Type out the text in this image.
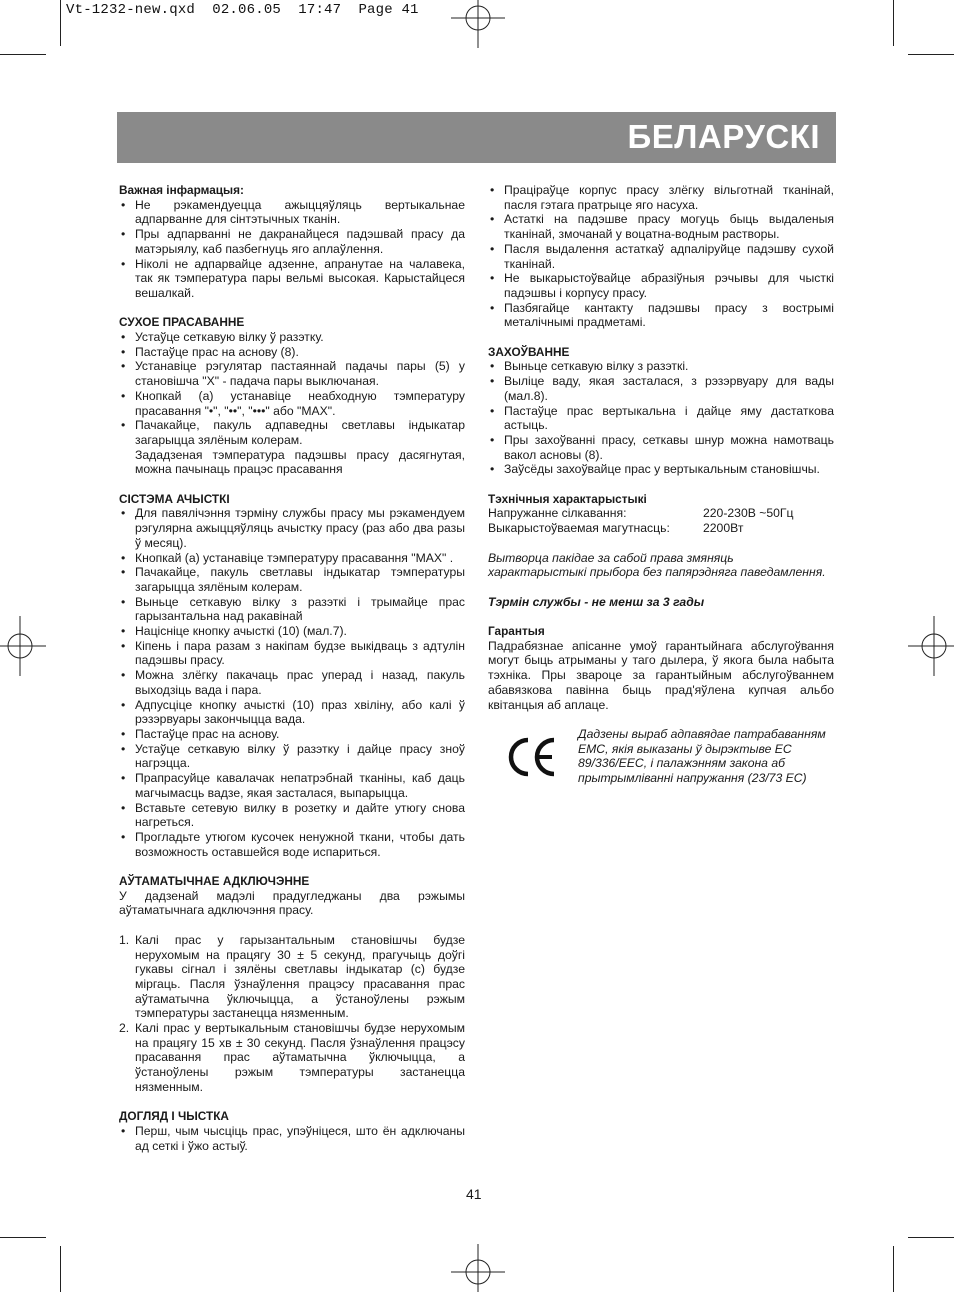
Vt-1232-new.qxd  02.06.05  17:47  Page 41
БЕЛАРУСКІ
Важная інфармацыя:
• Не рэкамендуецца ажыццяўляць вертыкальнае адпарванне для сінтэтычных тканін.
• Пры адпарванні не дакранайцеся падэшвай прасу да матэрыялу, каб пазбегнуць яго аплаўлення.
• Ніколі не адпарвайце адзенне, апранутае на чалавека, так як тэмпература пары вельмі высокая. Карыстайцеся вешалкай.
СУХОЕ ПРАСАВАННЕ
• Устаўце сеткавую вілку ў разэтку.
• Пастаўце прас на аснову (8).
• Устанавіце рэгулятар пастаяннай падачы пары (5) у становішча "X" - падача пары выключаная.
• Кнопкай (а) устанавіце неабходную тэмпературу прасавання "•", "••", "•••" або "MAX".
• Пачакайце, пакуль адпаведны светлавы індыкатар загарыцца зялёным колерам.
Зададзеная тэмпература падэшвы прасу дасягнутая, можна пачынаць працэс прасавання
СІСТЭМА АЧЫСТКІ
• Для павялічэння тэрміну службы прасу мы рэкамендуем рэгулярна ажыццяўляць ачыстку прасу (раз або два разы ў месяц).
• Кнопкай (а) устанавіце тэмпературу прасавання "MAX" .
• Пачакайце, пакуль светлавы індыкатар тэмпературы загарыцца зялёным колерам.
• Выньце сеткавую вілку з разэткі і трымайце прас гарызантальна над ракавінай
• Націсніце кнопку ачысткі (10) (мал.7).
• Кіпень і пара разам з накіпам будзе выкідваць з адтулін падэшвы прасу.
• Можна злёгку пакачаць прас уперад і назад, пакуль выходзіць вада і пара.
• Адпусціце кнопку ачысткі (10) праз хвіліну, або калі ў рэзэрвуары закончыцца вада.
• Пастаўце прас на аснову.
• Устаўце сеткавую вілку ў разэтку і дайце прасу зноў нагрэцца.
• Прапрасуйце кавалачак непатрэбнай тканіны, каб даць магчымасць вадзе, якая засталася, выпарыцца.
• Вставьте сетевую вилку в розетку и дайте утюгу снова нагреться.
• Прогладьте утюгом кусочек ненужной ткани, чтобы дать возможность оставшейся воде испариться.
АЎТАМАТЫЧНАЕ АДКЛЮЧЭННЕ
У дадзенай мадэлі прадугледжаны два рэжымы аўтаматычнага адключэння прасу.
1. Калі прас у гарызантальным становішчы будзе нерухомым на працягу 30 ± 5 секунд, прагучыць доўгі гукавы сігнал і зялёны светлавы індыкатар (с) будзе міргаць. Пасля ўзнаўлення працэсу прасавання прас аўтаматычна ўключыцца, а ўстаноўлены рэжым тэмпературы застанецца нязменным.
2. Калі прас у вертыкальным становішчы будзе нерухомым на працягу 15 хв ± 30 секунд. Пасля ўзнаўлення працэсу прасавання прас аўтаматычна ўключыцца, а ўстаноўлены рэжым тэмпературы застанецца нязменным.
ДОГЛЯД І ЧЫСТКА
• Перш, чым чысціць прас, упэўніцеся, што ён адключаны ад сеткі і ўжо астыў.
• Праціраўце корпус прасу злёгку вільготнай тканінай, пасля гэтага пратрыце яго насуха.
• Астаткі на падэшве прасу могуць быць выдаленыя тканінай, змочанай у воцатна-водным растворы.
• Пасля выдалення астаткаў адпаліруйце падэшву сухой тканінай.
• Не выкарыстоўвайце абразіўныя рэчывы для чысткі падэшвы і корпусу прасу.
• Пазбягайце кантакту падэшвы прасу з вострымі металічнымі прадметамі.
ЗАХОЎВАННЕ
• Выньце сеткавую вілку з разэткі.
• Выліце ваду, якая засталася, з рэзэрвуару для вады (мал.8).
• Пастаўце прас вертыкальна і дайце яму дастатковa астыць.
• Пры захоўванні прасу, сеткавы шнур можна намотваць вакол асновы (8).
• Заўсёды захоўвайце прас у вертыкальным становішчы.
Тэхнічныя характарыстыкі
Напружанне сілкавання:	220-230В ~50Гц
Выкарыстоўваемая магутнасць:	2200Вт
Вытворца пакідае за сабой права змяняць характарыстыкі прыбора без папярэдняга паведамлення.
Тэрмін службы - не менш за 3 гады
Гарантыя
Падрабязнае апісанне умоў гарантыйнага абслугоўвання могут быць атрыманы у таго дылера, ў якога была набыта тэхніка. Пры звароце за гарантыйным абслугоўваннем абавязкова павінна быць прад'яўлена купчая альбо квітанцыя аб аплаце.
Дадзены выраб адпавядае патрабаванням EMC, якія выказаны ў дырэктыве ЕС 89/336/EEC, і палажэнням закона аб прытрымліванні напружання (23/73 ЕС)
41
